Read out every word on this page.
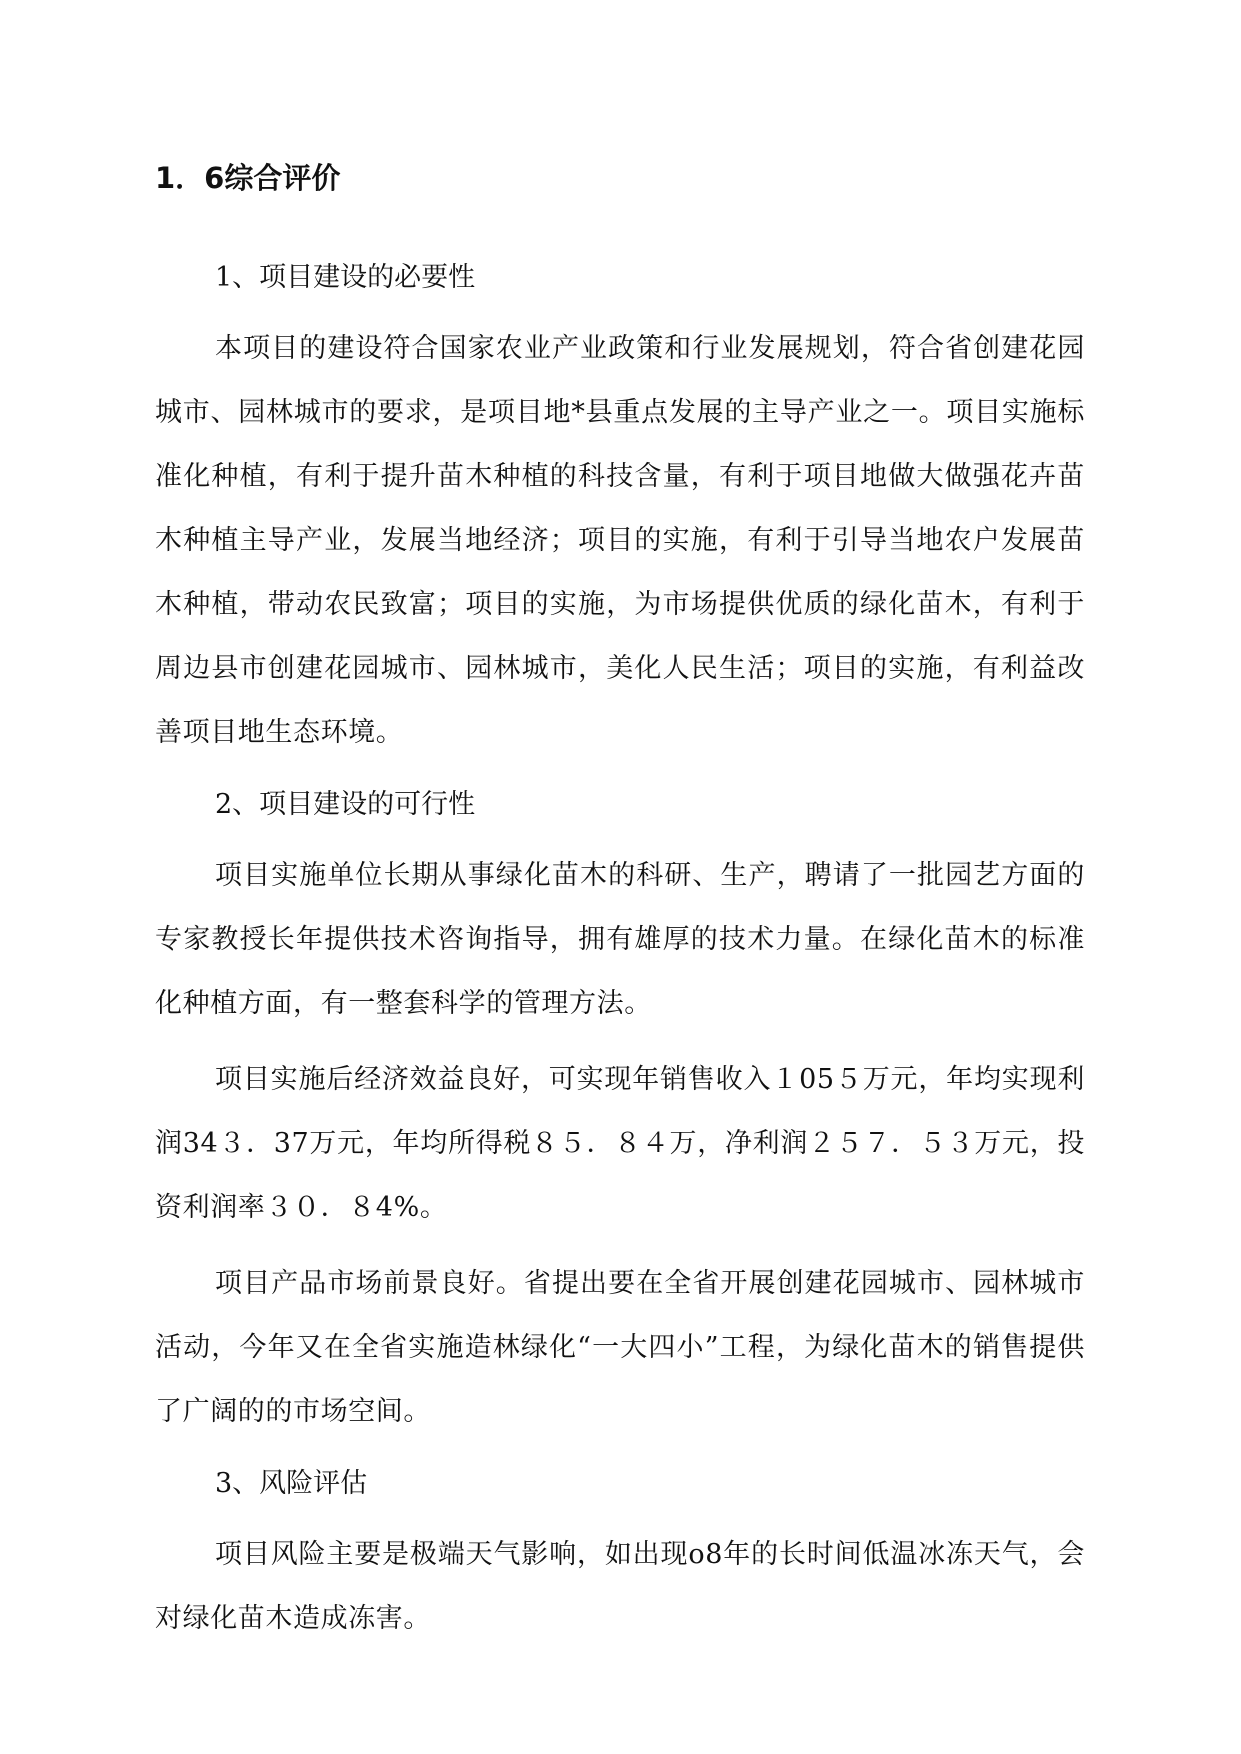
1．6综合评价

1、项目建设的必要性

本项目的建设符合国家农业产业政策和行业发展规划，符合省创建花园城市、园林城市的要求，是项目地*县重点发展的主导产业之一。项目实施标准化种植，有利于提升苗木种植的科技含量，有利于项目地做大做强花卉苗木种植主导产业，发展当地经济；项目的实施，有利于引导当地农户发展苗木种植，带动农民致富；项目的实施，为市场提供优质的绿化苗木，有利于周边县市创建花园城市、园林城市，美化人民生活；项目的实施，有利益改善项目地生态环境。

2、项目建设的可行性

项目实施单位长期从事绿化苗木的科研、生产，聘请了一批园艺方面的专家教授长年提供技术咨询指导，拥有雄厚的技术力量。在绿化苗木的标准化种植方面，有一整套科学的管理方法。

项目实施后经济效益良好，可实现年销售收入１05５万元，年均实现利润34３．37万元，年均所得税８５．８４万，净利润２５７．５３万元，投资利润率３０．８4%。

项目产品市场前景良好。省提出要在全省开展创建花园城市、园林城市活动，今年又在全省实施造林绿化“一大四小”工程，为绿化苗木的销售提供了广阔的的市场空间。

3、风险评估

项目风险主要是极端天气影响，如出现o8年的长时间低温冰冻天气，会对绿化苗木造成冻害。
